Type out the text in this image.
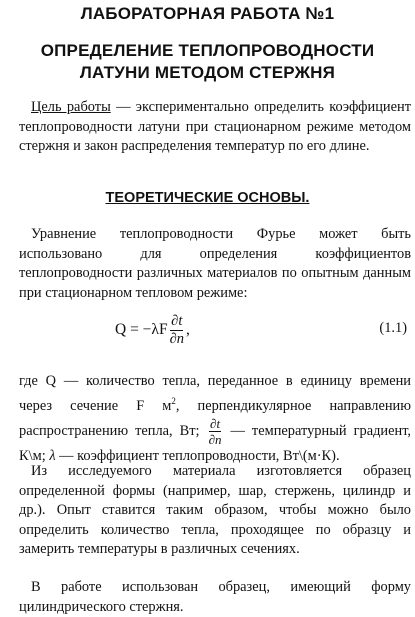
ЛАБОРАТОРНАЯ РАБОТА №1
ОПРЕДЕЛЕНИЕ ТЕПЛОПРОВОДНОСТИ
ЛАТУНИ МЕТОДОМ СТЕРЖНЯ

Цель работы — экспериментально определить коэффициент теплопроводности латуни при стационарном режиме методом стержня и закон распределения температур по его длине.

ТЕОРЕТИЧЕСКИЕ ОСНОВЫ.

Уравнение теплопроводности Фурье может быть использовано для определения коэффициентов теплопроводности различных материалов по опытным данным при стационарном тепловом режиме:

$Q = -\lambda F \frac{\partial t}{\partial n}$ ,	(1.1)

где Q — количество тепла, переданное в единицу времени через сечение F $м^2$, перпендикулярное направлению распространению тепла, Вт; $\frac{\partial t}{\partial n}$ — температурный градиент, К\м; λ — коэффициент теплопроводности, Вт\(м·К).

Из исследуемого материала изготовляется образец определенной формы (например, шар, стержень, цилиндр и др.). Опыт ставится таким образом, чтобы можно было определить количество тепла, проходящее по образцу и замерить температуры в различных сечениях.

В работе использован образец, имеющий форму цилиндрического стержня.
